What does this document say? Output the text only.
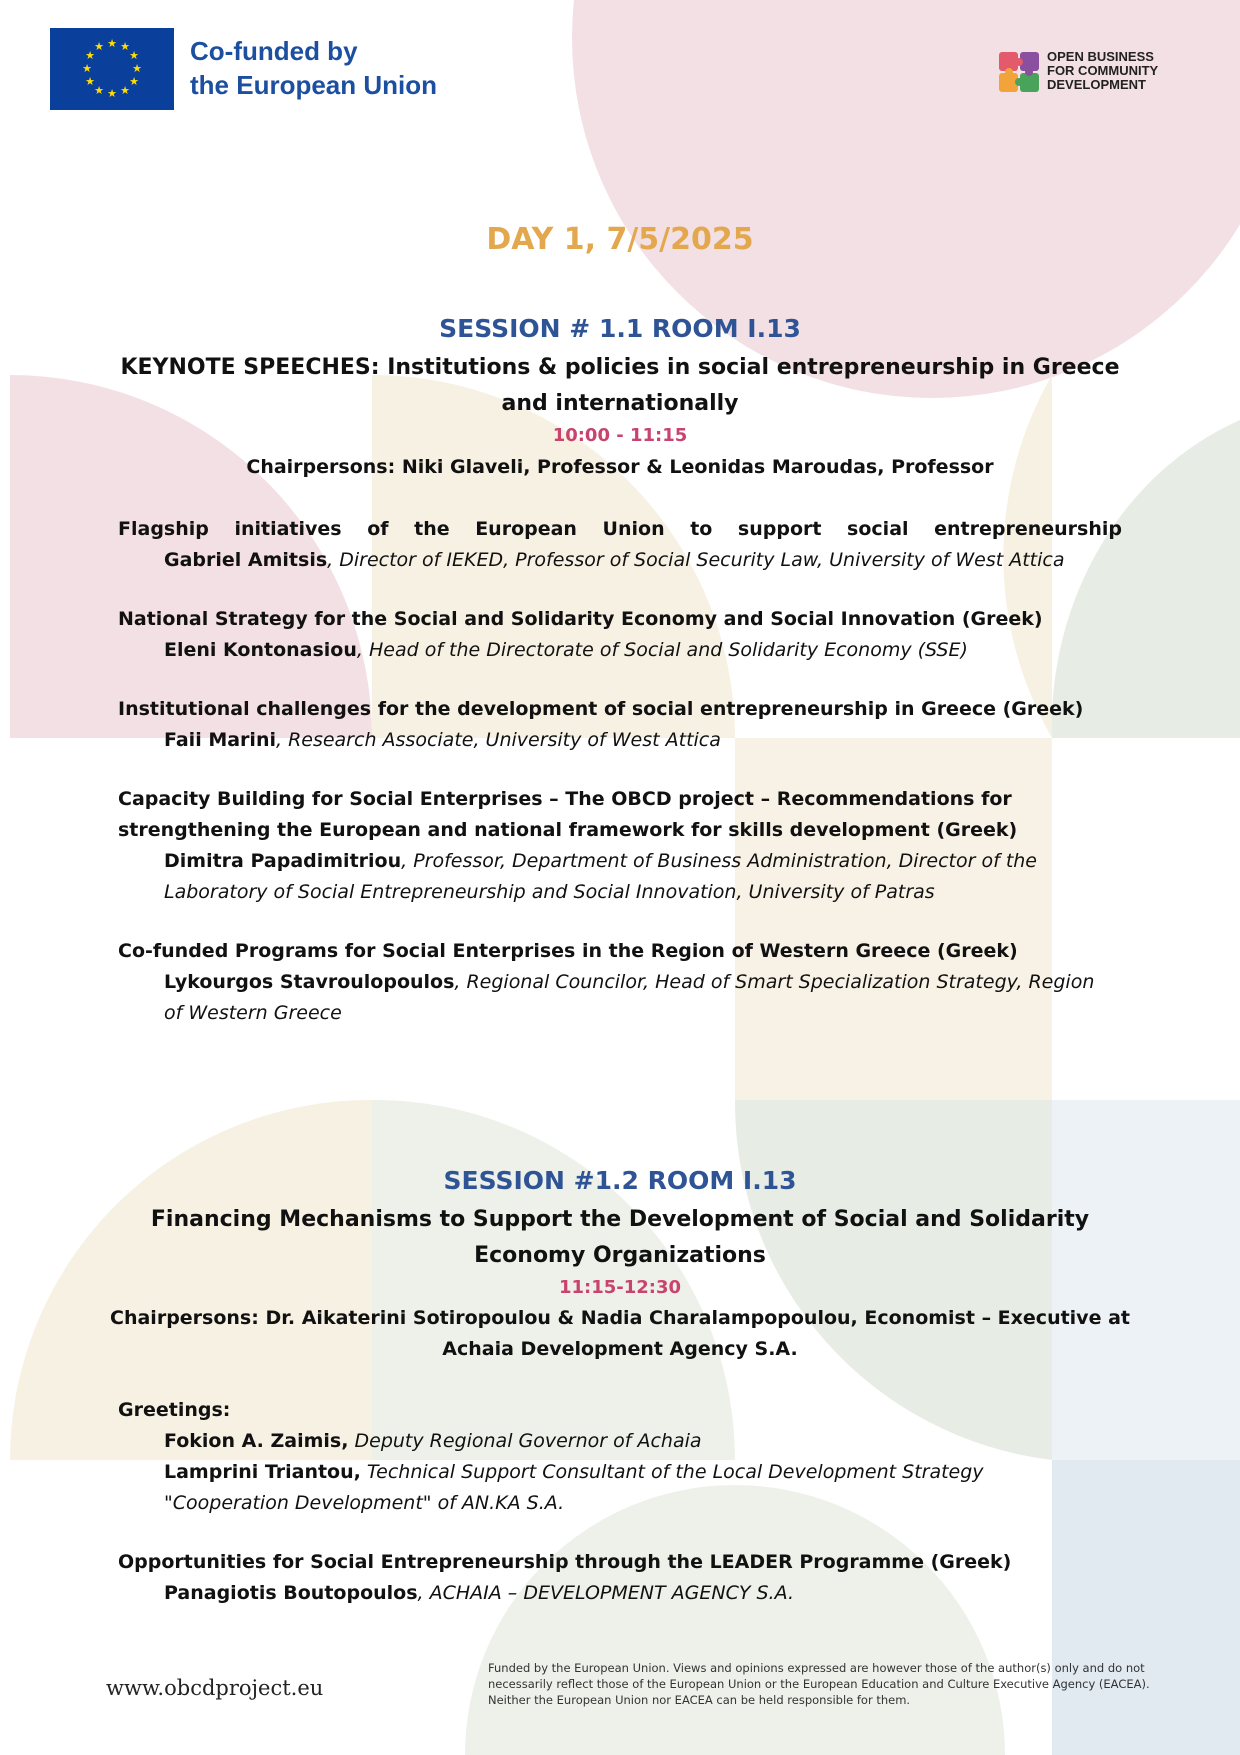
★ ★
★
★
★
★
★
★
★
★
★
★	Co-funded by
the European Union
OPEN BUSINESS
FOR COMMUNITY
DEVELOPMENT
DAY 1, 7/5/2025
SESSION # 1.1 ROOM I.13
KEYNOTE SPEECHES: Institutions & policies in social entrepreneurship in Greece
and internationally
10:00 - 11:15
Chairpersons: Niki Glaveli, Professor & Leonidas Maroudas, Professor
Flagship initiatives of the European Union to support social entrepreneurship
Gabriel Amitsis, Director of IEKED, Professor of Social Security Law, University of West Attica
National Strategy for the Social and Solidarity Economy and Social Innovation (Greek)
Eleni Kontonasiou, Head of the Directorate of Social and Solidarity Economy (SSE)
Institutional challenges for the development of social entrepreneurship in Greece (Greek)
Faii Marini, Research Associate, University of West Attica
Capacity Building for Social Enterprises – The OBCD project – Recommendations for
strengthening the European and national framework for skills development (Greek)
Dimitra Papadimitriou, Professor, Department of Business Administration, Director of the
Laboratory of Social Entrepreneurship and Social Innovation, University of Patras
Co-funded Programs for Social Enterprises in the Region of Western Greece (Greek)
Lykourgos Stavroulopoulos, Regional Councilor, Head of Smart Specialization Strategy, Region
of Western Greece
SESSION #1.2 ROOM I.13
Financing Mechanisms to Support the Development of Social and Solidarity
Economy Organizations
11:15-12:30
Chairpersons: Dr. Aikaterini Sotiropoulou & Nadia Charalampopoulou, Economist – Executive at
Achaia Development Agency S.A.
Greetings:
Fokion A. Zaimis, Deputy Regional Governor of Achaia
Lamprini Triantou, Technical Support Consultant of the Local Development Strategy
"Cooperation Development" of AN.KA S.A.
Opportunities for Social Entrepreneurship through the LEADER Programme (Greek)
Panagiotis Boutopoulos, ACHAIA – DEVELOPMENT AGENCY S.A.
www.obcdproject.eu
Funded by the European Union. Views and opinions expressed are however those of the author(s) only and do not necessarily reflect those of the European Union or the European Education and Culture Executive Agency (EACEA). Neither the European Union nor EACEA can be held responsible for them.
